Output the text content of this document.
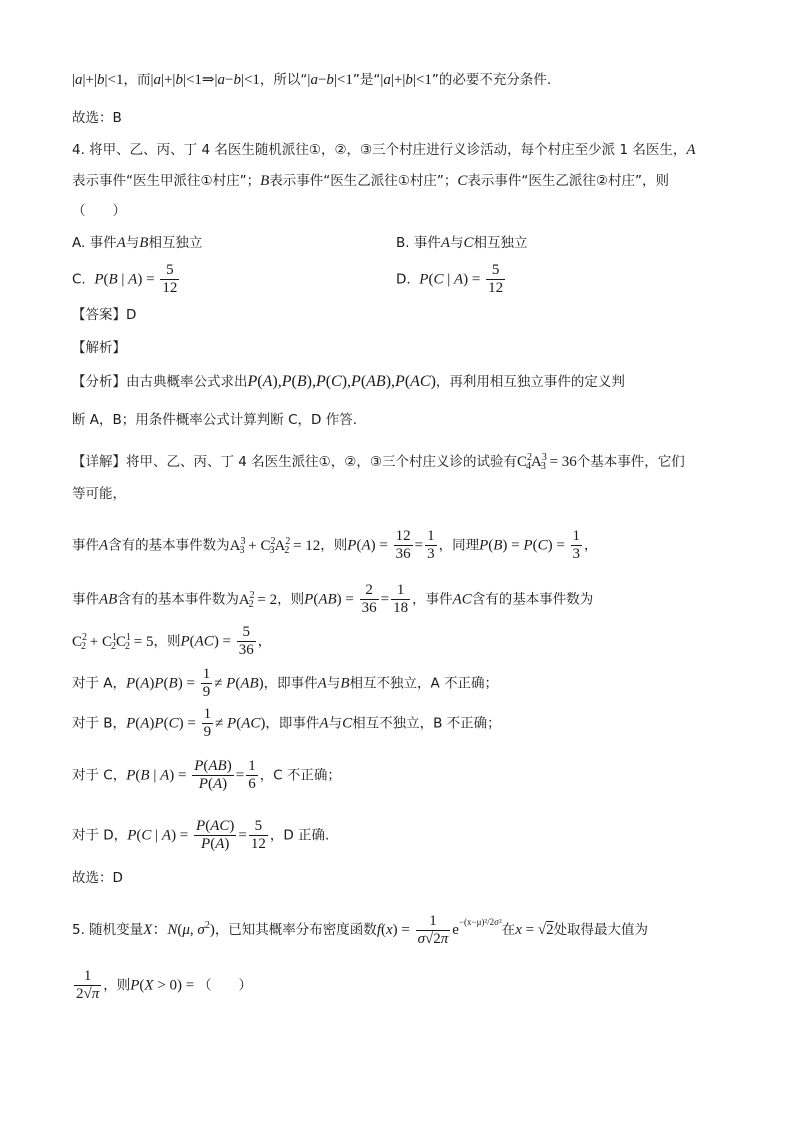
|a|+|b|<1，而|a|+|b|<1⇒|a−b|<1，所以“|a−b|<1”是“|a|+|b|<1”的必要不充分条件.
故选：B
4. 将甲、乙、丙、丁 4 名医生随机派往①，②，③三个村庄进行义诊活动，每个村庄至少派 1 名医生，A
表示事件“医生甲派往①村庄”；B表示事件“医生乙派往①村庄”；C表示事件“医生乙派往②村庄”，则
（　　）
A. 事件A与B相互独立	B. 事件A与C相互独立
C. P(B | $A) = \frac{5}{12}$	D. P(C | $A) = \frac{5}{12}$
【答案】D
【解析】
【分析】由古典概率公式求出P(A),P(B),P(C),P(AB),P(AC)，再利用相互独立事件的定义判
断 A，B；用条件概率公式计算判断 C，D 作答.
【详解】将甲、乙、丙、丁 4 名医生派往①，②，③三个村庄义诊的试验有$C^2_4A^3_3 = 36$个基本事件，它们
等可能，
事件A含有的基本事件数为$A^3_3 + C^2_3A^2_2 = 12$，则$P(A) = \frac{12}{36} = \frac{1}{3}$ ，同理$P(B) = P(C) = \frac{1}{3}$ ，
事件AB含有的基本事件数为$A^2_2 = 2$，则$P(AB) = \frac{2}{36} = \frac{1}{18}$ ，事件AC含有的基本事件数为
$C^2_2 + C^1_2C^1_2 = 5$，则$P(AC) = \frac{5}{36}$ ，
对于 A，$P(A)P(B) = \frac{1}{9} \ne P(AB)$，即事件A与B相互不独立，A 不正确；
对于 B，$P(A)P(C) = \frac{1}{9} \ne P(AC)$，即事件A与C相互不独立，B 不正确；
对于 C，P(B | $A) = \frac{P(AB)}{P(A)} = \frac{1}{6}$ ，C 不正确；
对于 D，P(C | $A) = \frac{P(AC)}{P(A)} = \frac{5}{12}$ ，D 正确.
故选：D
5. 随机变量X：N(μ, $\sigma^2$)，已知其概率分布密度函数$f(x) = \frac{1}{\sigma√2\pi} e^{-(x-\mu)^2/2\sigma^2}$在x = √2处取得最大值为
$\frac{1}{2√\pi}$ ，则P(X > 0) = （　　）
